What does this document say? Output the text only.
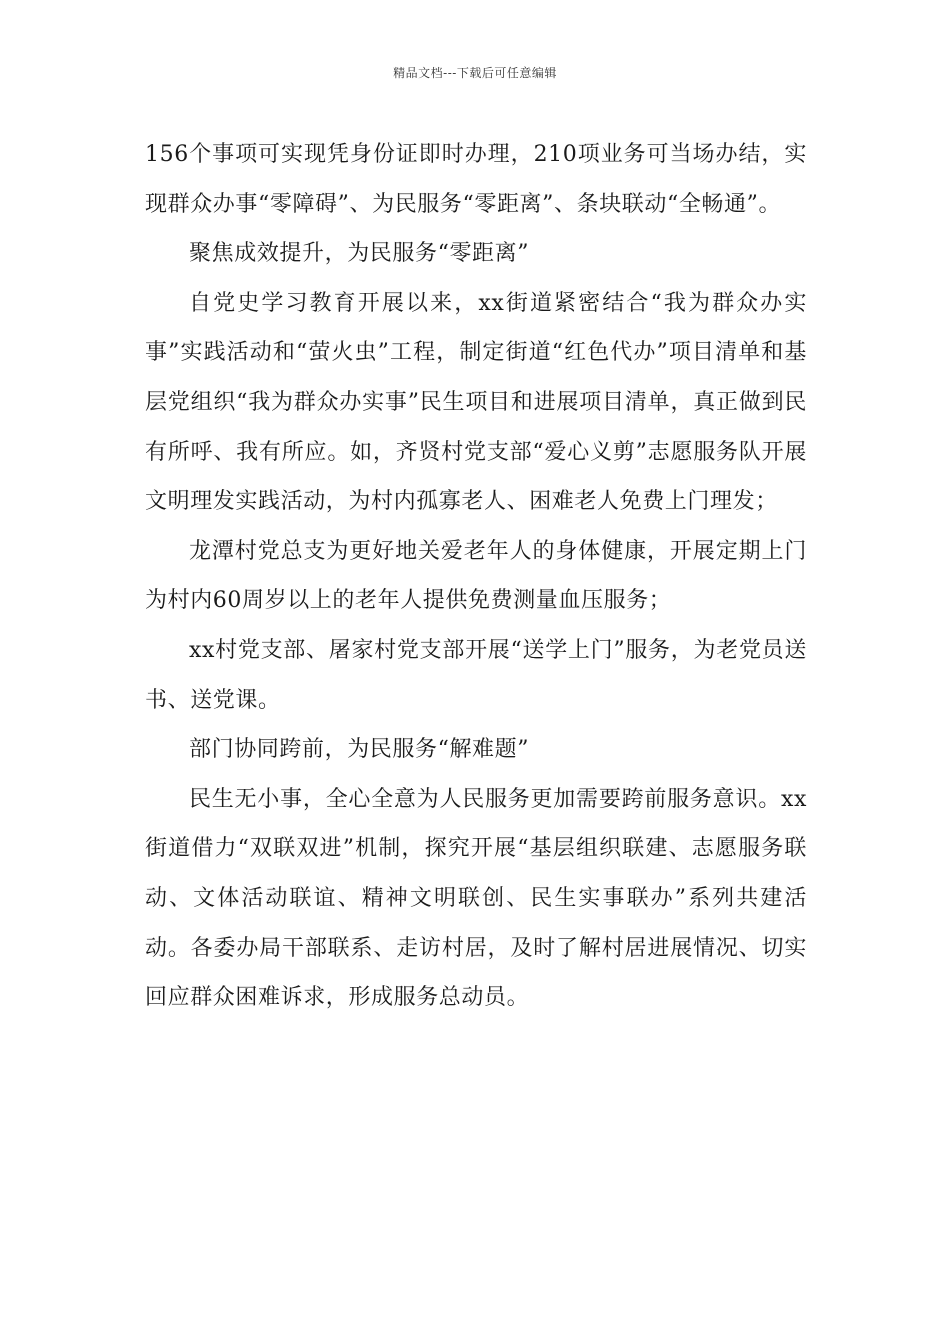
精品文档---下载后可任意编辑

156个事项可实现凭身份证即时办理，210项业务可当场办结，实现群众办事“零障碍”、为民服务“零距离”、条块联动“全畅通”。

聚焦成效提升，为民服务“零距离”

自党史学习教育开展以来，xx街道紧密结合“我为群众办实事”实践活动和“萤火虫”工程，制定街道“红色代办”项目清单和基层党组织“我为群众办实事”民生项目和进展项目清单，真正做到民有所呼、我有所应。如，齐贤村党支部“爱心义剪”志愿服务队开展文明理发实践活动，为村内孤寡老人、困难老人免费上门理发；

龙潭村党总支为更好地关爱老年人的身体健康，开展定期上门为村内60周岁以上的老年人提供免费测量血压服务；

xx村党支部、屠家村党支部开展“送学上门”服务，为老党员送书、送党课。

部门协同跨前，为民服务“解难题”

民生无小事，全心全意为人民服务更加需要跨前服务意识。xx街道借力“双联双进”机制，探究开展“基层组织联建、志愿服务联动、文体活动联谊、精神文明联创、民生实事联办”系列共建活动。各委办局干部联系、走访村居，及时了解村居进展情况、切实回应群众困难诉求，形成服务总动员。
